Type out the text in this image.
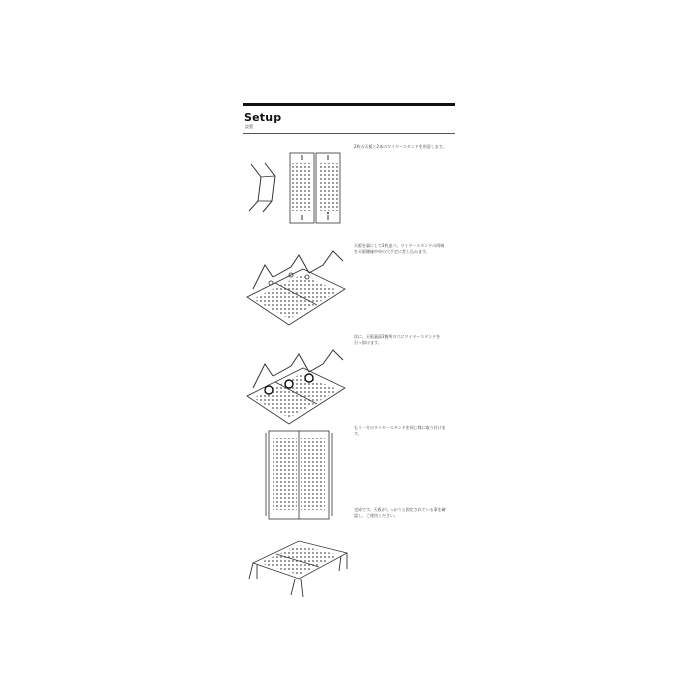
Setup
設置
2枚の天板と2本のワイヤースタンドを用意します。
天板を裏にして2枚並べ、ワイヤースタンドの両端
を天板側縁中央の穴不定に差し込みます。
次に、天板裏面3箇所の穴にワイヤースタンドを
引っ掛けます。
もう一方のワイヤースタンドを同じ様に取り付けま
す。
完成です。天板がしっかりと固定されている事を確
認し、ご使用ください。
